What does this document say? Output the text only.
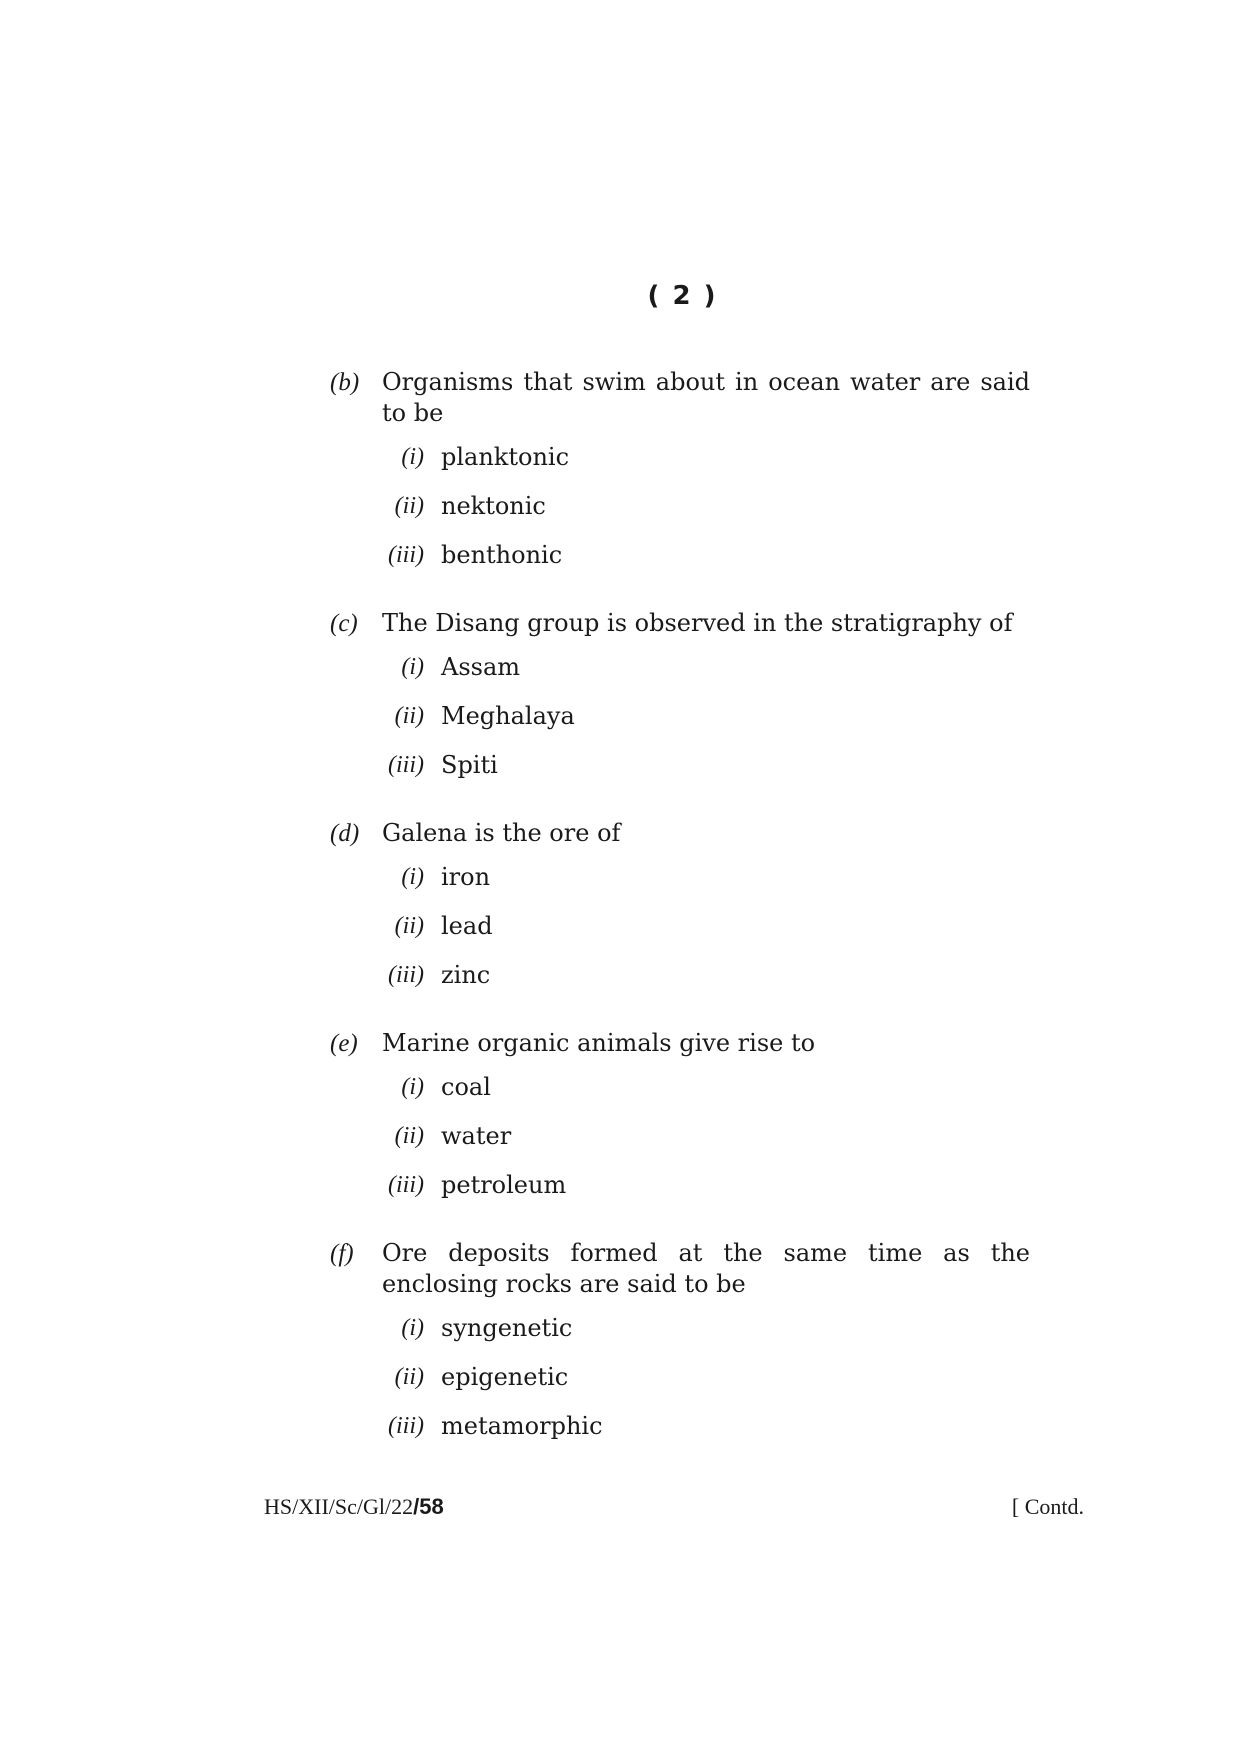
( 2 )
(b) Organisms that swim about in ocean water are said to be
(i) planktonic
(ii) nektonic
(iii) benthonic
(c) The Disang group is observed in the stratigraphy of
(i) Assam
(ii) Meghalaya
(iii) Spiti
(d) Galena is the ore of
(i) iron
(ii) lead
(iii) zinc
(e) Marine organic animals give rise to
(i) coal
(ii) water
(iii) petroleum
(f) Ore deposits formed at the same time as the enclosing rocks are said to be
(i) syngenetic
(ii) epigenetic
(iii) metamorphic
HS/XII/Sc/Gl/22/58	[ Contd.
